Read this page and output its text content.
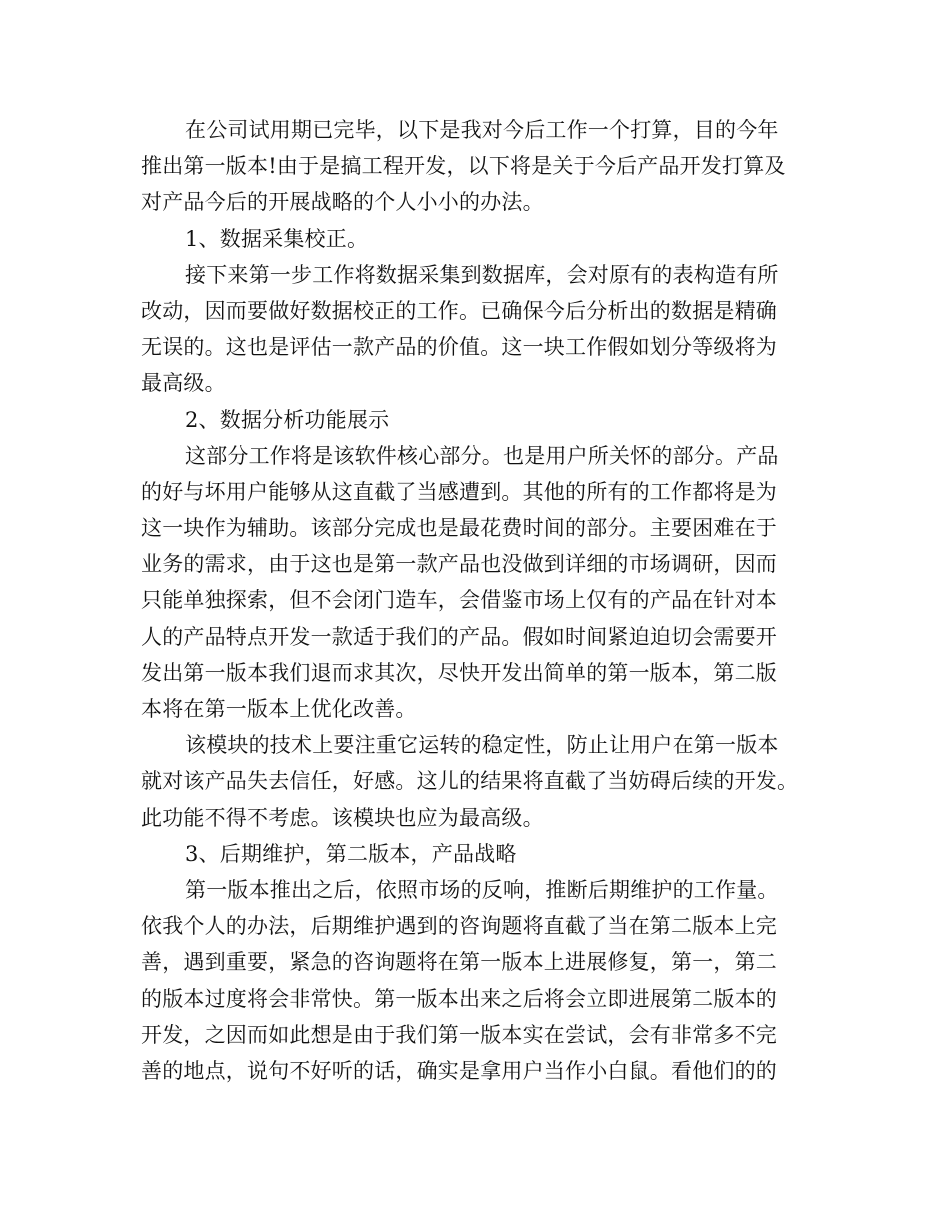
在公司试用期已完毕，以下是我对今后工作一个打算，目的今年
推出第一版本!由于是搞工程开发，以下将是关于今后产品开发打算及
对产品今后的开展战略的个人小小的办法。
1、数据采集校正。
接下来第一步工作将数据采集到数据库，会对原有的表构造有所
改动，因而要做好数据校正的工作。已确保今后分析出的数据是精确
无误的。这也是评估一款产品的价值。这一块工作假如划分等级将为
最高级。
2、数据分析功能展示
这部分工作将是该软件核心部分。也是用户所关怀的部分。产品
的好与坏用户能够从这直截了当感遭到。其他的所有的工作都将是为
这一块作为辅助。该部分完成也是最花费时间的部分。主要困难在于
业务的需求，由于这也是第一款产品也没做到详细的市场调研，因而
只能单独探索，但不会闭门造车，会借鉴市场上仅有的产品在针对本
人的产品特点开发一款适于我们的产品。假如时间紧迫迫切会需要开
发出第一版本我们退而求其次，尽快开发出简单的第一版本，第二版
本将在第一版本上优化改善。
该模块的技术上要注重它运转的稳定性，防止让用户在第一版本
就对该产品失去信任，好感。这儿的结果将直截了当妨碍后续的开发。
此功能不得不考虑。该模块也应为最高级。
3、后期维护，第二版本，产品战略
第一版本推出之后，依照市场的反响，推断后期维护的工作量。
依我个人的办法，后期维护遇到的咨询题将直截了当在第二版本上完
善，遇到重要，紧急的咨询题将在第一版本上进展修复，第一，第二
的版本过度将会非常快。第一版本出来之后将会立即进展第二版本的
开发，之因而如此想是由于我们第一版本实在尝试，会有非常多不完
善的地点，说句不好听的话，确实是拿用户当作小白鼠。看他们的的
